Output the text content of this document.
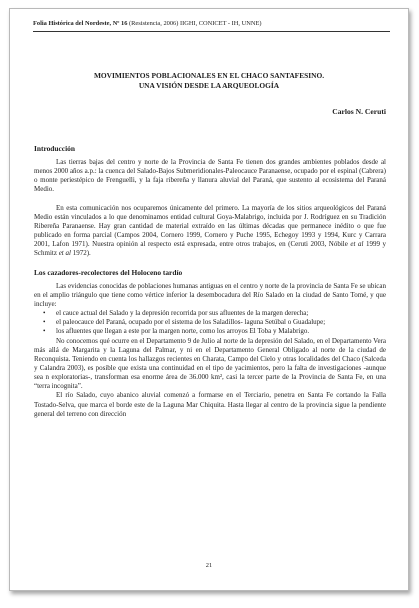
Folia Histórica del Nordeste, Nº 16 (Resistencia, 2006) IIGHI, CONICET - IH, UNNE)
MOVIMIENTOS POBLACIONALES EN EL CHACO SANTAFESINO.
UNA VISIÓN DESDE LA ARQUEOLOGÍA
Carlos N. Ceruti
Introducción

Las tierras bajas del centro y norte de la Provincia de Santa Fe tienen dos grandes ambientes poblados desde al menos 2000 años a.p.: la cuenca del Salado-Bajos Submeridionales-Paleocauce Paranaense, ocupado por el espinal (Cabrera) o monte periestépico de Frenguelli, y la faja ribereña y llanura aluvial del Paraná, que sustento al ecosistema del Paraná Medio.

En esta comunicación nos ocuparemos únicamente del primero. La mayoría de los sitios arqueológicos del Paraná Medio están vinculados a lo que denominamos entidad cultural Goya-Malabrigo, incluida por J. Rodríguez en su Tradición Ribereña Paranaense. Hay gran cantidad de material extraído en las últimas décadas que permanece inédito o que fue publicado en forma parcial (Campos 2004, Cornero 1999, Cornero y Puche 1995, Echegoy 1993 y 1994, Kurc y Carrara 2001, Lafon 1971). Nuestra opinión al respecto está expresada, entre otros trabajos, en (Ceruti 2003, Nóbile et al 1999 y Schmitz et al 1972).

Los cazadores-recolectores del Holoceno tardío

Las evidencias conocidas de poblaciones humanas antiguas en el centro y norte de la provincia de Santa Fe se ubican en el amplio triángulo que tiene como vértice inferior la desembocadura del Río Salado en la ciudad de Santo Tomé, y que incluye:

• el cauce actual del Salado y la depresión recorrida por sus afluentes de la margen derecha;
• el paleocauce del Paraná, ocupado por el sistema de los Saladillos- laguna Setúbal o Guadalupe;
• los afluentes que llegan a este por la margen norte, como los arroyos El Toba y Malabrigo.

No conocemos qué ocurre en el Departamento 9 de Julio al norte de la depresión del Salado, en el Departamento Vera más allá de Margarita y la Laguna del Palmar, y ni en el Departamento General Obligado al norte de la ciudad de Reconquista. Teniendo en cuenta los hallazgos recientes en Charata, Campo del Cielo y otras localidades del Chaco (Salceda y Calandra 2003), es posible que exista una continuidad en el tipo de yacimientos, pero la falta de investigaciones -aunque sea n exploratorias-, transforman esa enorme área de 36.000 km², casi la tercer parte de la Provincia de Santa Fe, en una “terra incognita”.

El río Salado, cuyo abanico aluvial comenzó a formarse en el Terciario, penetra en Santa Fe cortando la Falla Tostado-Selva, que marca el borde este de la Laguna Mar Chiquita. Hasta llegar al centro de la provincia sigue la pendiente general del terreno con dirección

21
